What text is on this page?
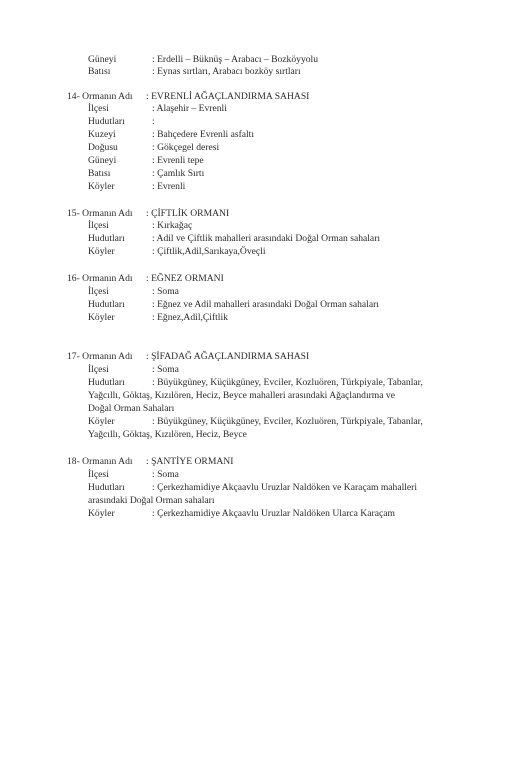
Güneyi	: Erdelli – Büknüş – Arabacı – Bozköyyolu
Batısı	: Eynas sırtları, Arabacı bozköy sırtları
14- Ormanın Adı : EVRENLİ AĞAÇLANDIRMA SAHASI
İlçesi	: Alaşehir – Evrenli
Hudutları	:
Kuzeyi	: Bahçedere Evrenli asfaltı
Doğusu	: Gökçegel deresi
Güneyi	: Evrenli tepe
Batısı	: Çamlık Sırtı
Köyler	: Evrenli
15- Ormanın Adı : ÇİFTLİK ORMANI
İlçesi	: Kırkağaç
Hudutları	: Adil ve Çiftlik mahalleri arasındaki Doğal Orman sahaları
Köyler	: Çiftlik,Adil,Sarıkaya,Öveçli
16- Ormanın Adı : EĞNEZ ORMANI
İlçesi	: Soma
Hudutları	: Eğnez ve Adil mahalleri arasındaki Doğal Orman sahaları
Köyler	: Eğnez,Adil,Çiftlik
17- Ormanın Adı : ŞİFADAĞ AĞAÇLANDIRMA SAHASI
İlçesi	: Soma
Hudutları	: Büyükgüney, Küçükgüney, Evciler, Kozluören, Türkpiyale, Tabanlar,
Yağcıllı, Göktaş, Kızılören, Heciz, Beyce mahalleri arasındaki Ağaçlandırma ve
Doğal Orman Sahaları
Köyler	: Büyükgüney, Küçükgüney, Evciler, Kozluören, Türkpiyale, Tabanlar,
Yağcıllı, Göktaş, Kızılören, Heciz, Beyce
18- Ormanın Adı : ŞANTİYE ORMANI
İlçesi	: Soma
Hudutları	: Çerkezhamidiye Akçaavlu Uruzlar Naldöken ve Karaçam mahalleri
arasındaki Doğal Orman sahaları
Köyler	: Çerkezhamidiye Akçaavlu Uruzlar Naldöken Ularca Karaçam
